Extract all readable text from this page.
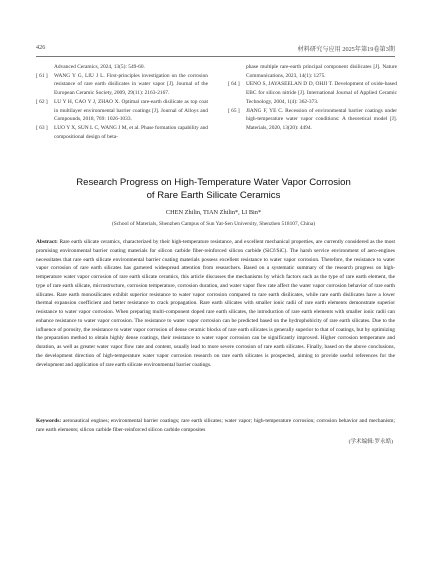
426	材料研究与应用 2025年第19卷第3期
Advanced Ceramics, 2024, 13(5): 549-60.
[ 61 ] WANG Y G, LIU J L. First-principles investigation on the corrosion resistance of rare earth disilicates in water vapor [J]. Journal of the European Ceramic Society, 2009, 29(11): 2163-2167.
[ 62 ] LU Y H, CAO Y J, ZHAO X. Optimal rare-earth disilicate as top coat in multilayer environmental barrier coatings [J]. Journal of Alloys and Compounds, 2018, 769: 1026-1033.
[ 63 ] LUO Y X, SUN L C, WANG J M, et al. Phase formation capability and compositional design of beta-
phase multiple rare-earth principal component disilicates [J]. Nature Communications, 2023, 14(1): 1275.
[ 64 ] UENO S, JAYASEELAN D D, OHJI T. Development of oxide-based EBC for silicon nitride [J]. International Journal of Applied Ceramic Technology, 2004, 1(4): 362-373.
[ 65 ] JIANG F, YE C. Recession of environmental barrier coatings under high-temperature water vapor conditions: A theoretical model [J]. Materials, 2020, 13(20): 4494.
Research Progress on High-Temperature Water Vapor Corrosion
of Rare Earth Silicate Ceramics
CHEN Zhilin, TIAN Zhilin*, LI Bin*
(School of Materials, Shenzhen Campus of Sun Yat-Sen University, Shenzhen 518107, China)
Abstract: Rare earth silicate ceramics, characterized by their high-temperature resistance, and excellent mechanical properties, are currently considered as the most promising environmental barrier coating materials for silicon carbide fiber-reinforced silicon carbide (SiCf/SiC). The harsh service environment of aero-engines necessitates that rare earth silicate environmental barrier coating materials possess excellent resistance to water vapor corrosion. Therefore, the resistance to water vapor corrosion of rare earth silicates has garnered widespread attention from researchers. Based on a systematic summary of the research progress on high-temperature water vapor corrosion of rare earth silicate ceramics, this article discusses the mechanisms by which factors such as the type of rare earth element, the type of rare earth silicate, microstructure, corrosion temperature, corrosion duration, and water vapor flow rate affect the water vapor corrosion behavior of rare earth silicates. Rare earth monosilicates exhibit superior resistance to water vapor corrosion compared to rare earth disilicates, while rare earth disilicates have a lower thermal expansion coefficient and better resistance to crack propagation. Rare earth silicates with smaller ionic radii of rare earth elements demonstrate superior resistance to water vapor corrosion. When preparing multi-component doped rare earth silicates, the introduction of rare earth elements with smaller ionic radii can enhance resistance to water vapor corrosion. The resistance to water vapor corrosion can be predicted based on the hydrophobicity of rare earth silicates. Due to the influence of porosity, the resistance to water vapor corrosion of dense ceramic blocks of rare earth silicates is generally superior to that of coatings, but by optimizing the preparation method to obtain highly dense coatings, their resistance to water vapor corrosion can be significantly improved. Higher corrosion temperature and duration, as well as greater water vapor flow rate and content, usually lead to more severe corrosion of rare earth silicates. Finally, based on the above conclusions, the development direction of high-temperature water vapor corrosion research on rare earth silicates is prospected, aiming to provide useful references for the development and application of rare earth silicate environmental barrier coatings.
Keywords: aeronautical engines; environmental barrier coatings; rare earth silicates; water vapor; high-temperature corrosion; corrosion behavior and mechanism; rare earth elements; silicon carbide fiber-reinforced silicon carbide composites
(学术编辑:罗永皓)
